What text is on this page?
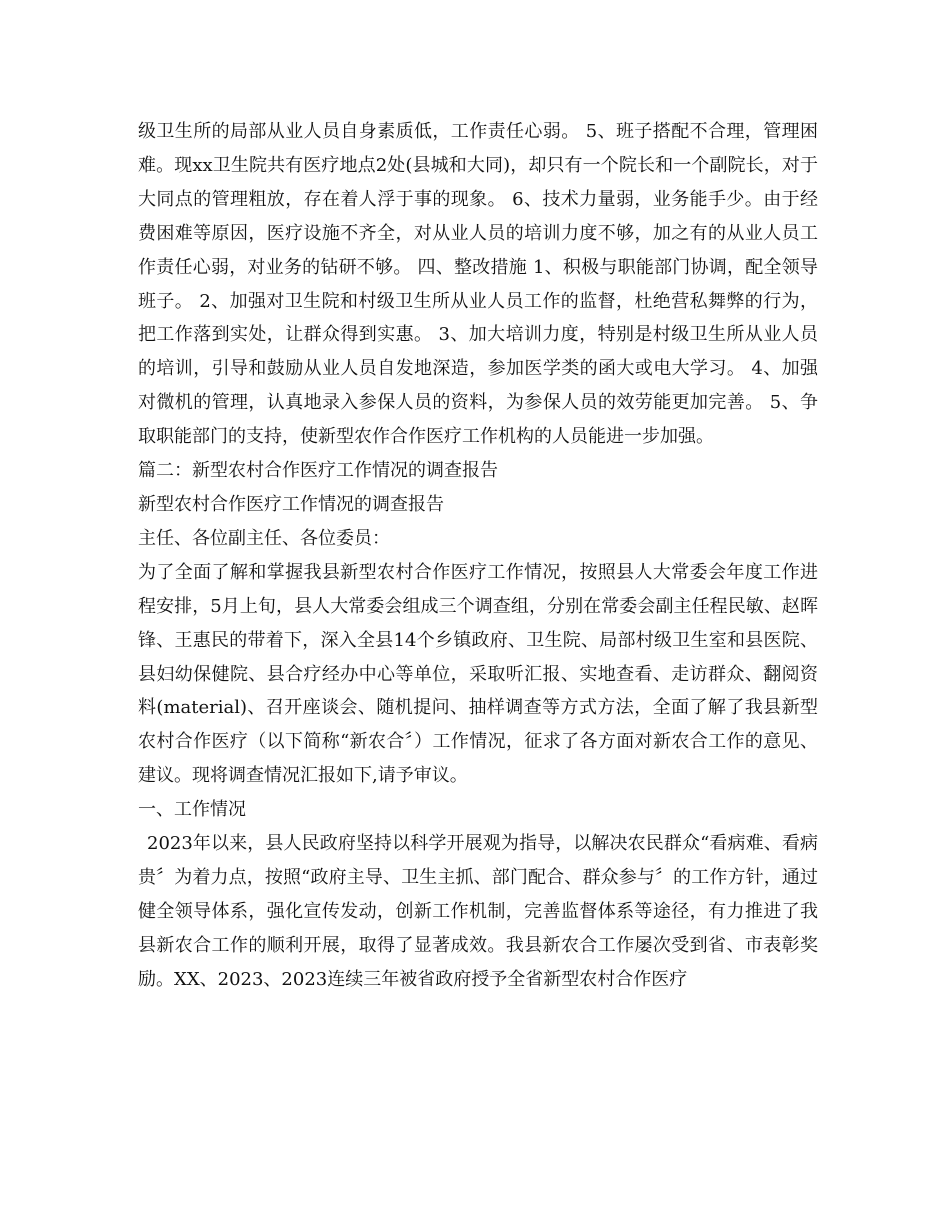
级卫生所的局部从业人员自身素质低，工作责任心弱。 5、班子搭配不合理，管理困难。现xx卫生院共有医疗地点2处(县城和大同)，却只有一个院长和一个副院长，对于大同点的管理粗放，存在着人浮于事的现象。 6、技术力量弱，业务能手少。由于经费困难等原因，医疗设施不齐全，对从业人员的培训力度不够，加之有的从业人员工作责任心弱，对业务的钻研不够。 四、整改措施 1、积极与职能部门协调，配全领导班子。 2、加强对卫生院和村级卫生所从业人员工作的监督，杜绝营私舞弊的行为，把工作落到实处，让群众得到实惠。 3、加大培训力度，特别是村级卫生所从业人员的培训，引导和鼓励从业人员自发地深造，参加医学类的函大或电大学习。 4、加强对微机的管理，认真地录入参保人员的资料，为参保人员的效劳能更加完善。 5、争取职能部门的支持，使新型农作合作医疗工作机构的人员能进一步加强。

篇二：新型农村合作医疗工作情况的调查报告

新型农村合作医疗工作情况的调查报告

主任、各位副主任、各位委员：

为了全面了解和掌握我县新型农村合作医疗工作情况，按照县人大常委会年度工作进程安排，5月上旬，县人大常委会组成三个调查组，分别在常委会副主任程民敏、赵晖锋、王惠民的带着下，深入全县14个乡镇政府、卫生院、局部村级卫生室和县医院、县妇幼保健院、县合疗经办中心等单位，采取听汇报、实地查看、走访群众、翻阅资料(material)、召开座谈会、随机提问、抽样调查等方式方法，全面了解了我县新型农村合作医疗（以下简称“新农合〞）工作情况，征求了各方面对新农合工作的意见、建议。现将调查情况汇报如下,请予审议。

一、工作情况

2023年以来，县人民政府坚持以科学开展观为指导，以解决农民群众“看病难、看病贵〞为着力点，按照“政府主导、卫生主抓、部门配合、群众参与〞的工作方针，通过健全领导体系，强化宣传发动，创新工作机制，完善监督体系等途径，有力推进了我县新农合工作的顺利开展，取得了显著成效。我县新农合工作屡次受到省、市表彰奖励。XX、2023、2023连续三年被省政府授予全省新型农村合作医疗
